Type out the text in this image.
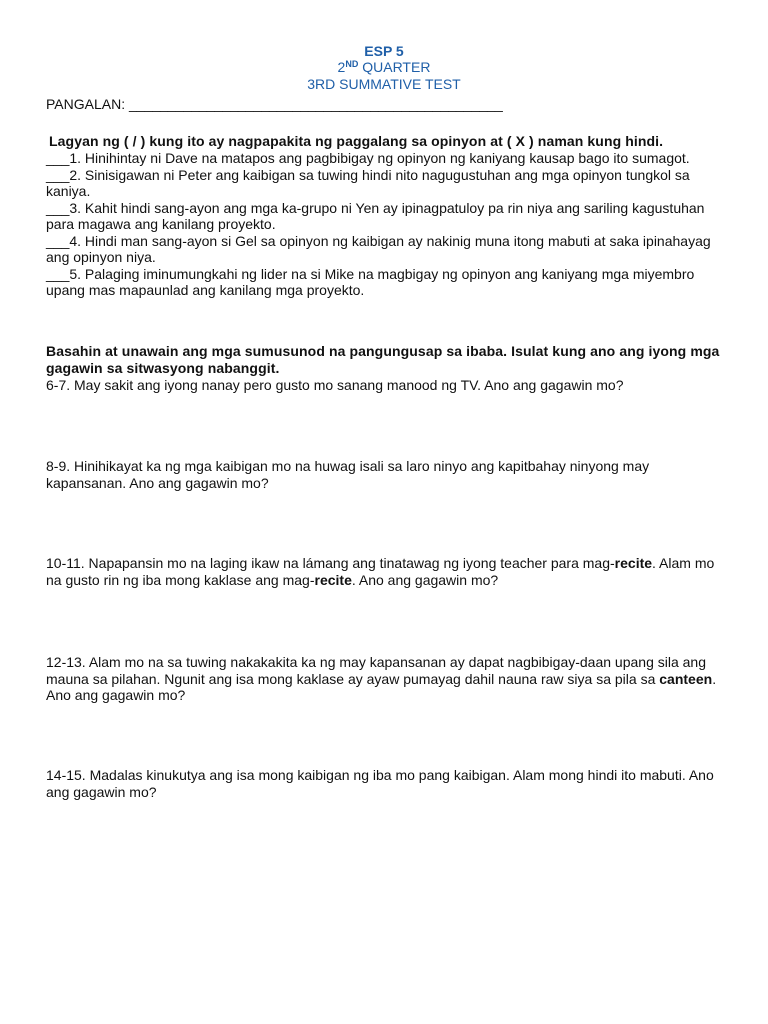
ESP 5
2ND QUARTER
3RD SUMMATIVE TEST
PANGALAN: ________________________________________________
Lagyan ng ( / ) kung ito ay nagpapakita ng paggalang sa opinyon at ( X ) naman kung hindi.

___1. Hinihintay ni Dave na matapos ang pagbibigay ng opinyon ng kaniyang kausap bago ito sumagot.

___2. Sinisigawan ni Peter ang kaibigan sa tuwing hindi nito nagugustuhan ang mga opinyon tungkol sa kaniya.

___3. Kahit hindi sang-ayon ang mga ka-grupo ni Yen ay ipinagpatuloy pa rin niya ang sariling kagustuhan para magawa ang kanilang proyekto.

___4. Hindi man sang-ayon si Gel sa opinyon ng kaibigan ay nakinig muna itong mabuti at saka ipinahayag ang opinyon niya.

___5. Palaging iminumungkahi ng lider na si Mike na magbigay ng opinyon ang kaniyang mga miyembro upang mas mapaunlad ang kanilang mga proyekto.

Basahin at unawain ang mga sumusunod na pangungusap sa ibaba. Isulat kung ano ang iyong mga gagawin sa sitwasyong nabanggit.

6-7. May sakit ang iyong nanay pero gusto mo sanang manood ng TV. Ano ang gagawin mo?

8-9. Hinihikayat ka ng mga kaibigan mo na huwag isali sa laro ninyo ang kapitbahay ninyong may kapansanan. Ano ang gagawin mo?

10-11. Napapansin mo na laging ikaw na lámang ang tinatawag ng iyong teacher para mag-recite. Alam mo na gusto rin ng iba mong kaklase ang mag-recite. Ano ang gagawin mo?

12-13. Alam mo na sa tuwing nakakakita ka ng may kapansanan ay dapat nagbibigay-daan upang sila ang mauna sa pilahan. Ngunit ang isa mong kaklase ay ayaw pumayag dahil nauna raw siya sa pila sa canteen. Ano ang gagawin mo?

14-15. Madalas kinukutya ang isa mong kaibigan ng iba mo pang kaibigan. Alam mong hindi ito mabuti. Ano ang gagawin mo?
